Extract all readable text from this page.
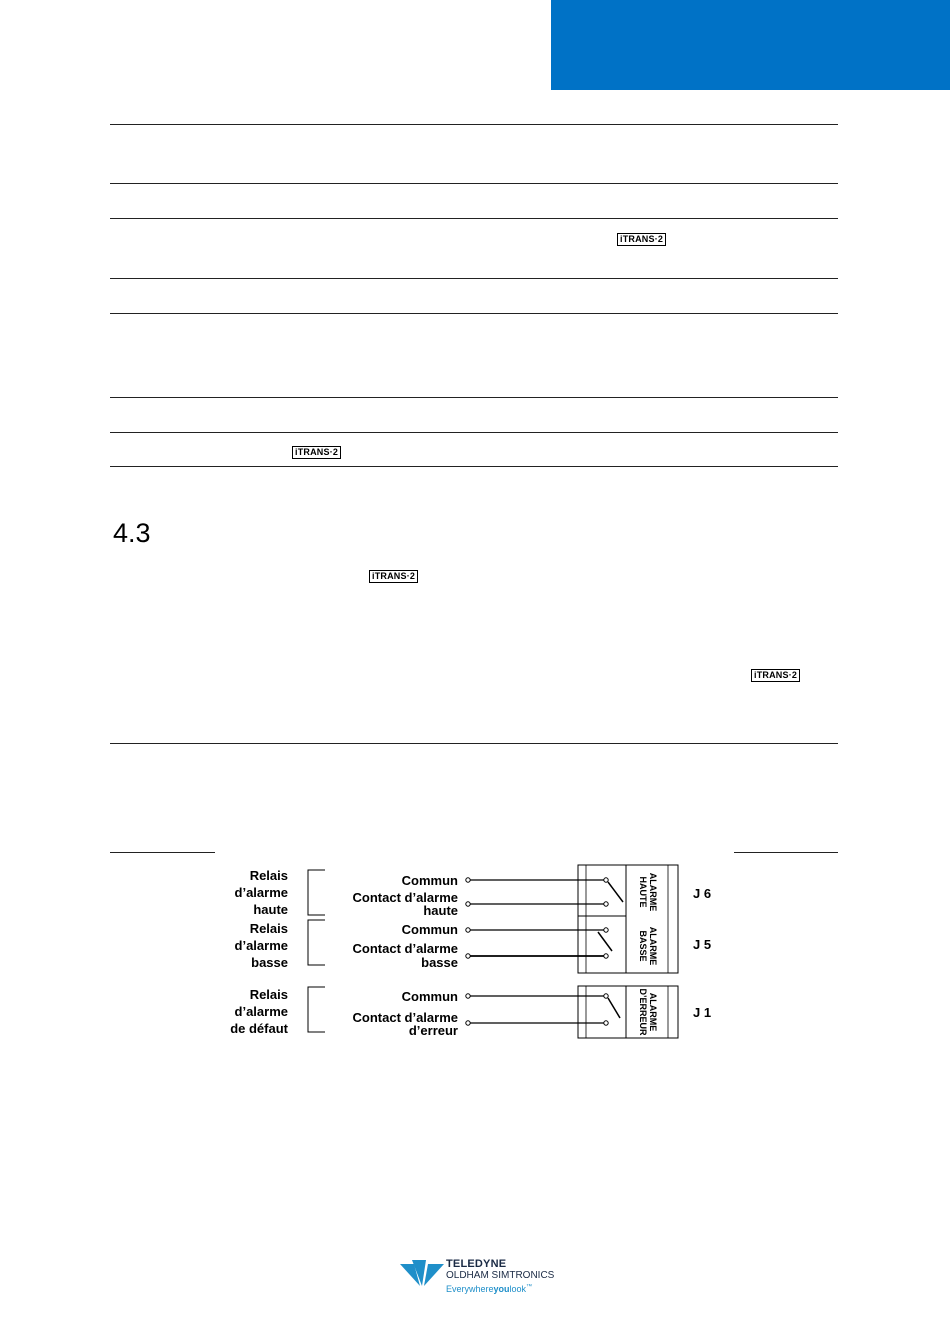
iTRANS·2
iTRANS·2
4.3
iTRANS·2
iTRANS·2
Relais
d’alarme
haute
Commun
Contact d’alarme
haute
Relais
d’alarme
basse
Commun
Contact d’alarme
basse
Relais
d’alarme
de défaut
Commun
Contact d’alarme
d’erreur
ALARME
HAUTE
ALARME
BASSE
ALARME
D’ERREUR
J 6
J 5
J 1
TELEDYNE
OLDHAM SIMTRONICS
Everywhereyoulook™
